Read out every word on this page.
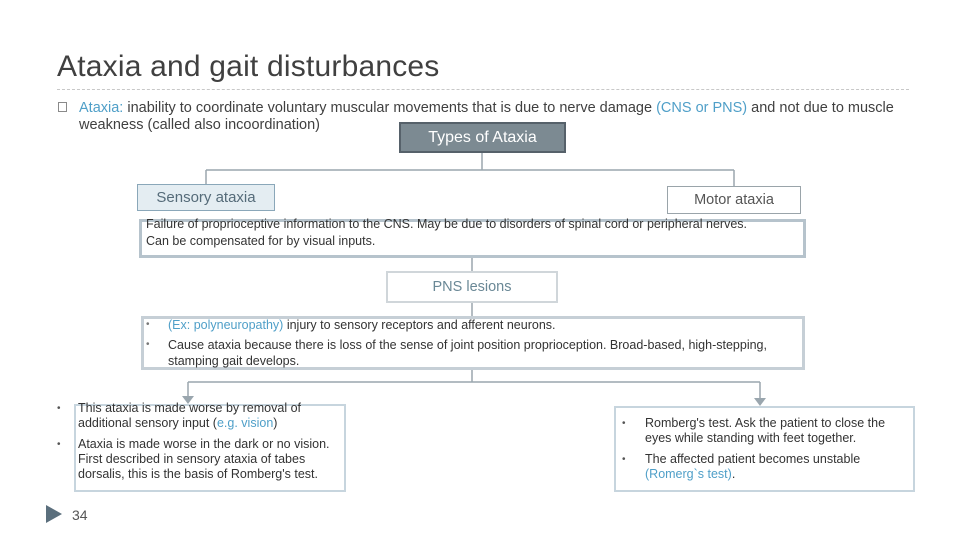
Ataxia and gait disturbances
Ataxia: inability to coordinate voluntary muscular movements that is due to nerve damage (CNS or PNS) and not due to muscle weakness (called also incoordination)
Types of Ataxia
Sensory ataxia	Motor ataxia
Failure of proprioceptive information to the CNS. May be due to disorders of spinal cord or peripheral nerves.
Can be compensated for by visual inputs.
PNS lesions
• (Ex: polyneuropathy) injury to sensory receptors and afferent neurons.
• Cause ataxia because there is loss of the sense of joint position proprioception. Broad-based, high-stepping, stamping gait develops.
• This ataxia is made worse by removal of additional sensory input (e.g. vision)
• Ataxia is made worse in the dark or no vision. First described in sensory ataxia of tabes dorsalis, this is the basis of Romberg's test.
• Romberg's test. Ask the patient to close the eyes while standing with feet together.
• The affected patient becomes unstable (Romerg`s test).
34
